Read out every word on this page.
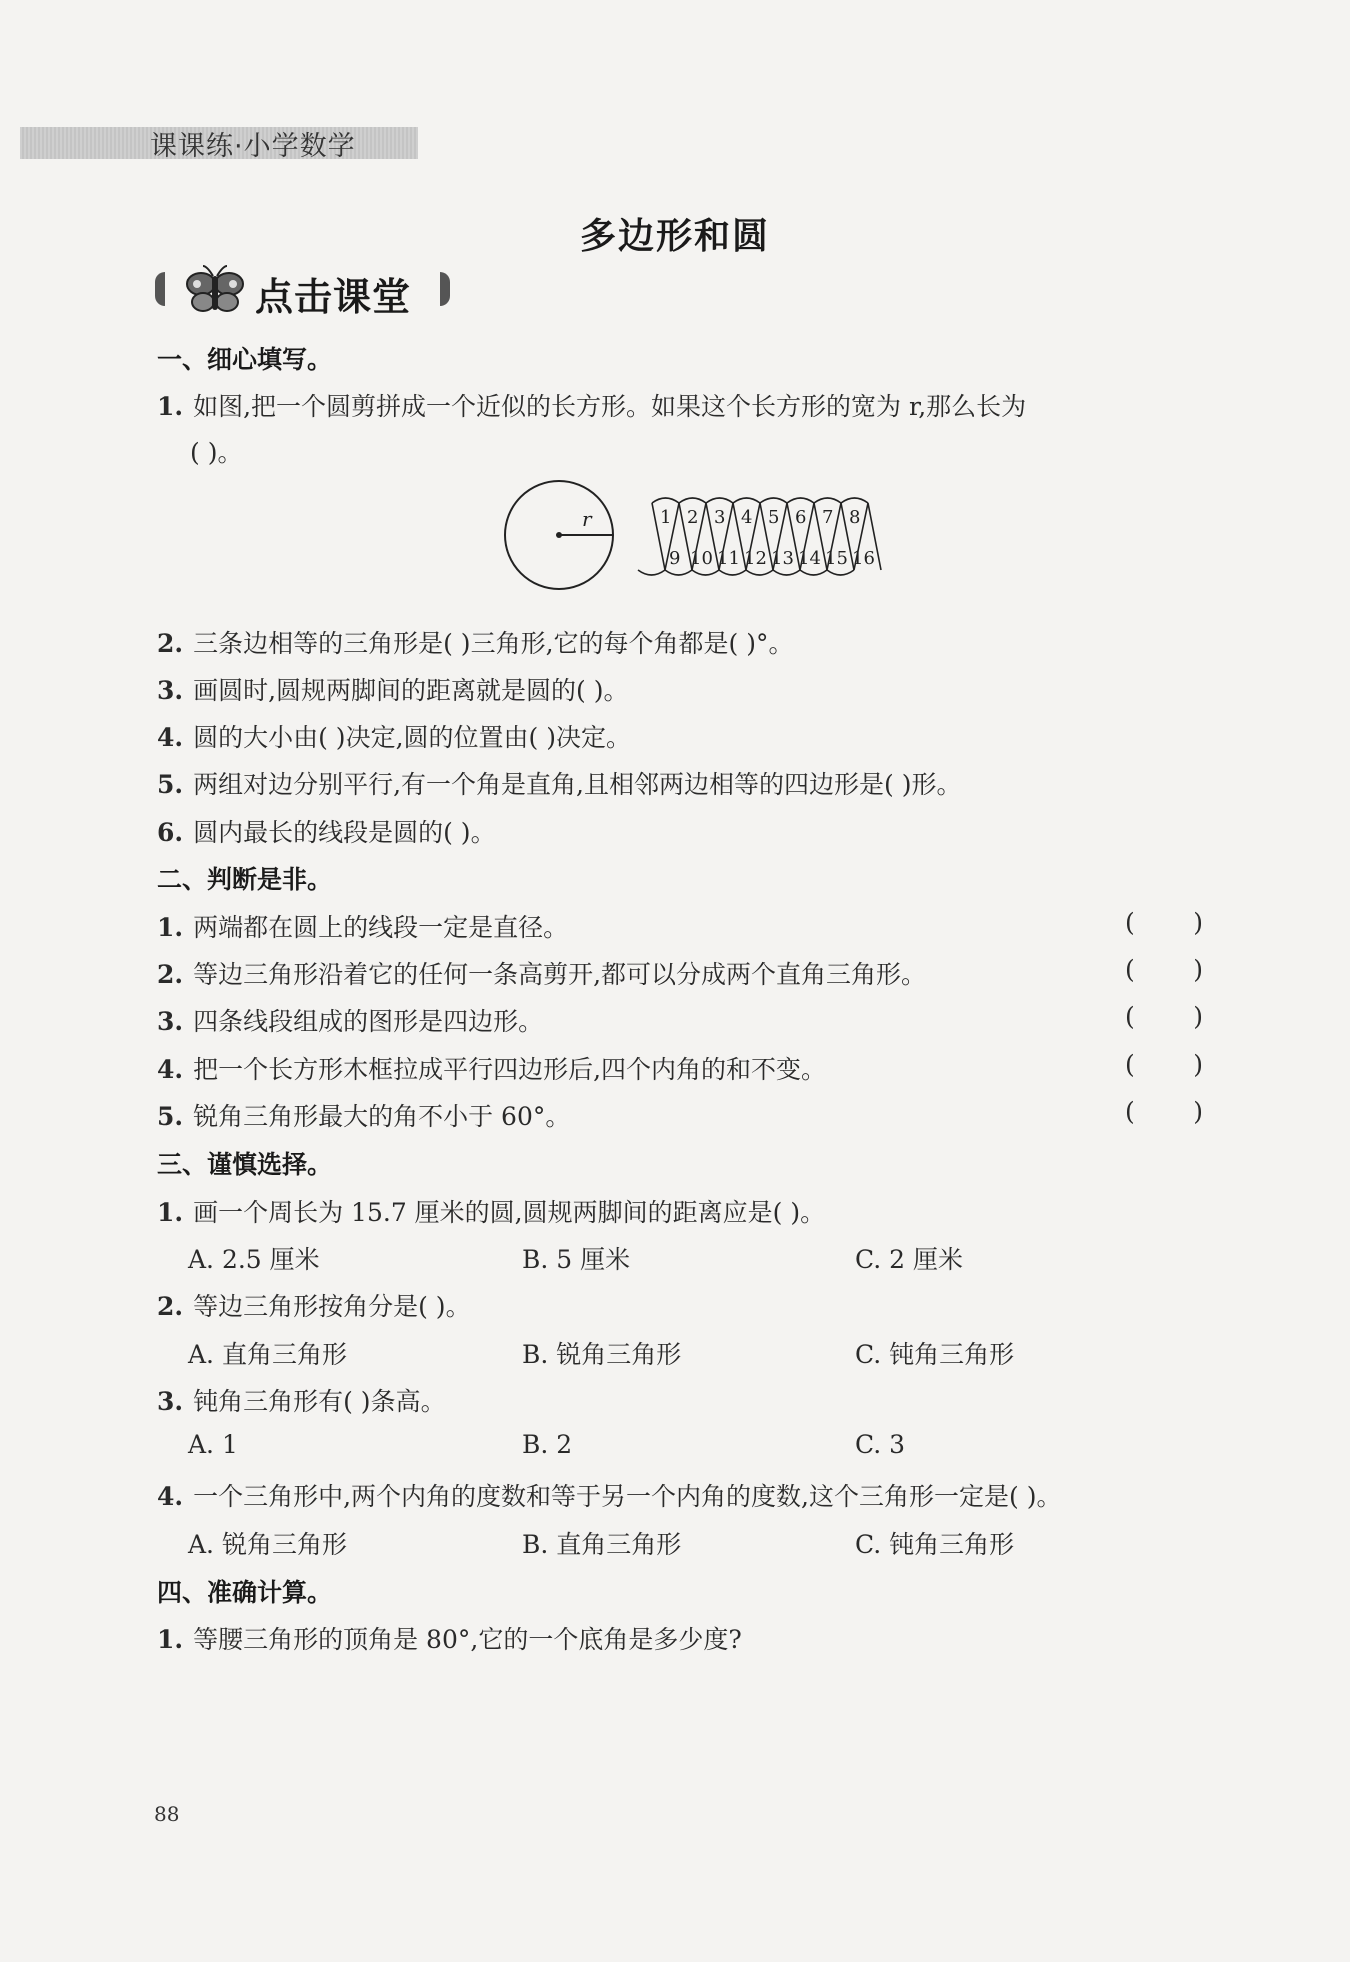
课课练·小学数学
多边形和圆
点击课堂
一、细心填写。
1. 如图,把一个圆剪拼成一个近似的长方形。如果这个长方形的宽为 r,那么长为
( )。
r	1 2 3 4 5 6 7 8
9 10 11 12 13 14 15 16
2. 三条边相等的三角形是( )三角形,它的每个角都是( )°。
3. 画圆时,圆规两脚间的距离就是圆的( )。
4. 圆的大小由( )决定,圆的位置由( )决定。
5. 两组对边分别平行,有一个角是直角,且相邻两边相等的四边形是( )形。
6. 圆内最长的线段是圆的( )。
二、判断是非。
1. 两端都在圆上的线段一定是直径。	( )
2. 等边三角形沿着它的任何一条高剪开,都可以分成两个直角三角形。	( )
3. 四条线段组成的图形是四边形。	( )
4. 把一个长方形木框拉成平行四边形后,四个内角的和不变。	( )
5. 锐角三角形最大的角不小于 60°。	( )
三、谨慎选择。
1. 画一个周长为 15.7 厘米的圆,圆规两脚间的距离应是( )。
A. 2.5 厘米	B. 5 厘米	C. 2 厘米
2. 等边三角形按角分是( )。
A. 直角三角形	B. 锐角三角形	C. 钝角三角形
3. 钝角三角形有( )条高。
A. 1	B. 2	C. 3
4. 一个三角形中,两个内角的度数和等于另一个内角的度数,这个三角形一定是( )。
A. 锐角三角形	B. 直角三角形	C. 钝角三角形
四、准确计算。
1. 等腰三角形的顶角是 80°,它的一个底角是多少度?
88
